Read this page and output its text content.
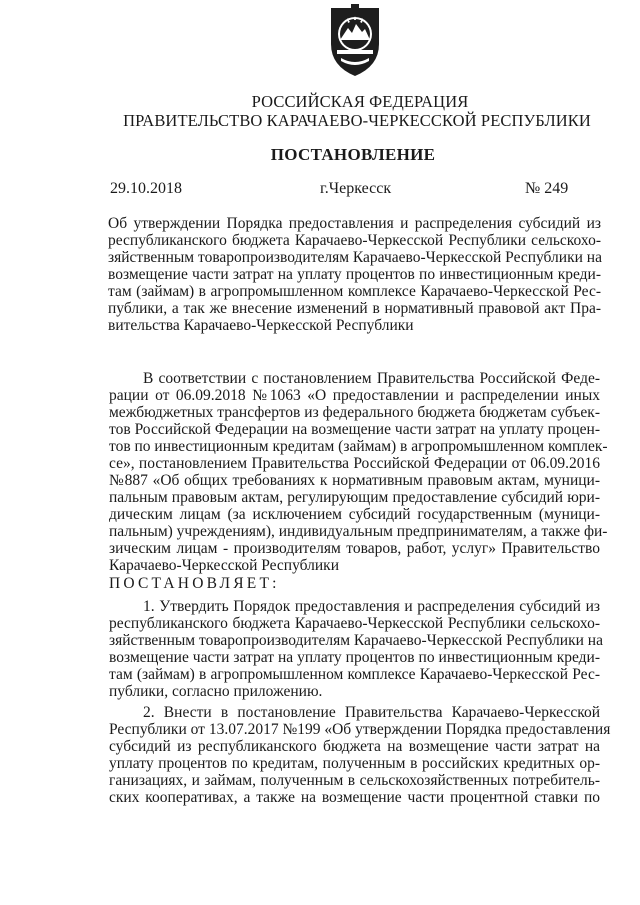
РОССИЙСКАЯ ФЕДЕРАЦИЯ
ПРАВИТЕЛЬСТВО КАРАЧАЕВО-ЧЕРКЕССКОЙ РЕСПУБЛИКИ
ПОСТАНОВЛЕНИЕ
29.10.2018	г.Черкесск	№ 249
Об утверждении Порядка предоставления и распределения субсидий из
республиканского бюджета Карачаево-Черкесской Республики сельскохо-
зяйственным товаропроизводителям Карачаево-Черкесской Республики на
возмещение части затрат на уплату процентов по инвестиционным креди-
там (займам) в агропромышленном комплексе Карачаево-Черкесской Рес-
публики, а так же внесение изменений в нормативный правовой акт Пра-
вительства Карачаево-Черкесской Республики
В соответствии с постановлением Правительства Российской Феде-
рации от 06.09.2018 №1063 «О предоставлении и распределении иных
межбюджетных трансфертов из федерального бюджета бюджетам субъек-
тов Российской Федерации на возмещение части затрат на уплату процен-
тов по инвестиционным кредитам (займам) в агропромышленном комплек-
се», постановлением Правительства Российской Федерации от 06.09.2016
№887 «Об общих требованиях к нормативным правовым актам, муници-
пальным правовым актам, регулирующим предоставление субсидий юри-
дическим лицам (за исключением субсидий государственным (муници-
пальным) учреждениям), индивидуальным предпринимателям, а также фи-
зическим лицам - производителям товаров, работ, услуг» Правительство
Карачаево-Черкесской Республики
ПОСТАНОВЛЯЕТ:
1. Утвердить Порядок предоставления и распределения субсидий из
республиканского бюджета Карачаево-Черкесской Республики сельскохо-
зяйственным товаропроизводителям Карачаево-Черкесской Республики на
возмещение части затрат на уплату процентов по инвестиционным креди-
там (займам) в агропромышленном комплексе Карачаево-Черкесской Рес-
публики, согласно приложению.
2. Внести в постановление Правительства Карачаево-Черкесской
Республики от 13.07.2017 №199 «Об утверждении Порядка предоставления
субсидий из республиканского бюджета на возмещение части затрат на
уплату процентов по кредитам, полученным в российских кредитных ор-
ганизациях, и займам, полученным в сельскохозяйственных потребитель-
ских кооперативах, а также на возмещение части процентной ставки по
